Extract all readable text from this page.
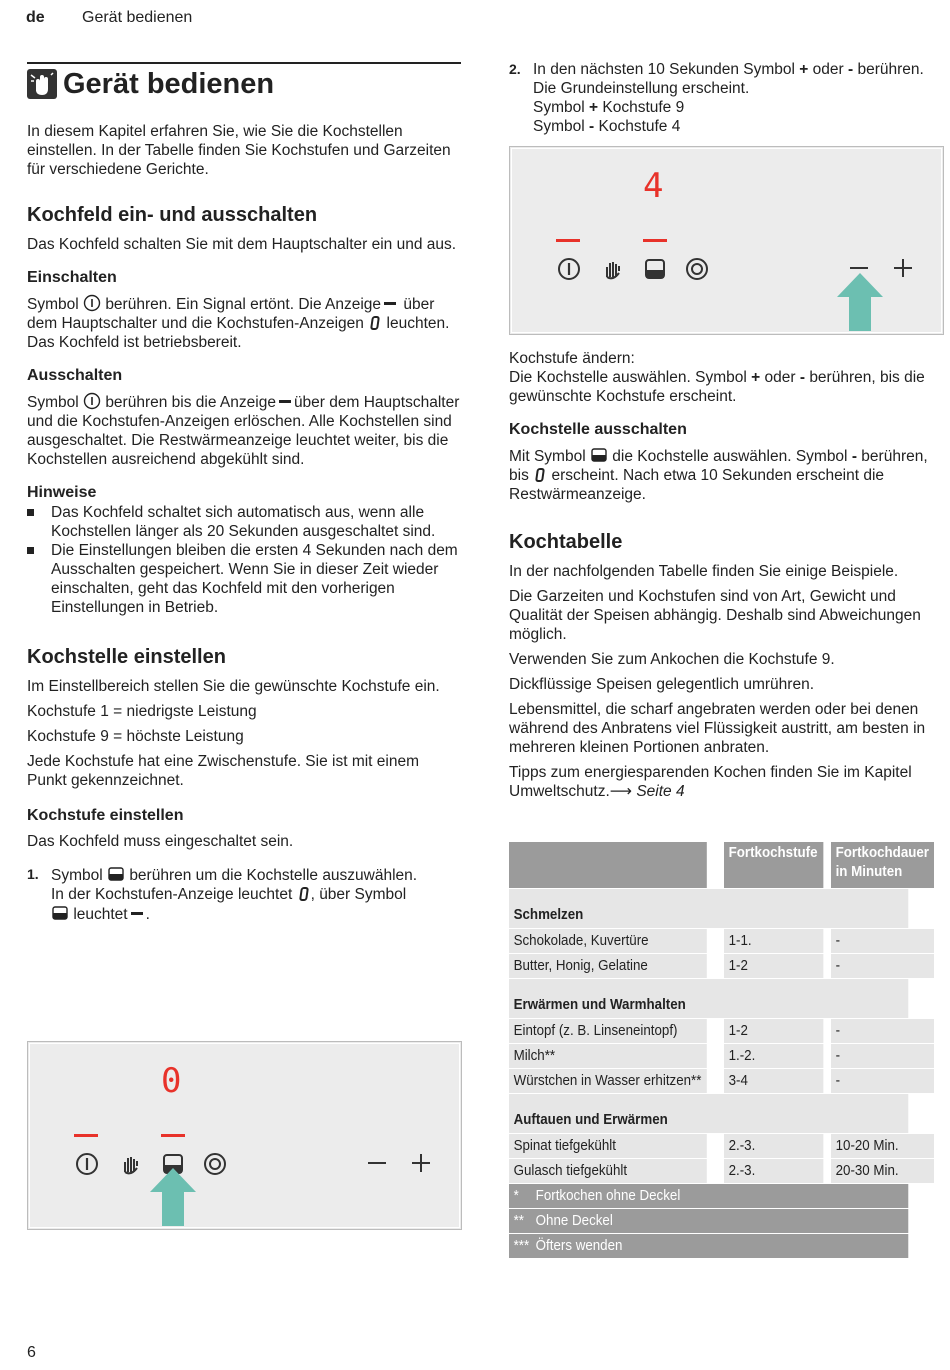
de Gerät bedienen
Gerät bedienen

In diesem Kapitel erfahren Sie, wie Sie die Kochstellen einstellen. In der Tabelle finden Sie Kochstufen und Garzeiten für verschiedene Gerichte.

Kochfeld ein- und ausschalten

Das Kochfeld schalten Sie mit dem Hauptschalter ein und aus.

Einschalten

Symbol berühren. Ein Signal ertönt. Die Anzeige über dem Hauptschalter und die Kochstufen-Anzeigen leuchten. Das Kochfeld ist betriebsbereit.

Ausschalten

Symbol berühren bis die Anzeige über dem Hauptschalter und die Kochstufen-Anzeigen erlöschen. Alle Kochstellen sind ausgeschaltet. Die Restwärmeanzeige leuchtet weiter, bis die Kochstellen ausreichend abgekühlt sind.

Hinweise
Das Kochfeld schaltet sich automatisch aus, wenn alle Kochstellen länger als 20 Sekunden ausgeschaltet sind.
Die Einstellungen bleiben die ersten 4 Sekunden nach dem Ausschalten gespeichert. Wenn Sie in dieser Zeit wieder einschalten, geht das Kochfeld mit den vorherigen Einstellungen in Betrieb.
Kochstelle einstellen

Im Einstellbereich stellen Sie die gewünschte Kochstufe ein.

Kochstufe 1 = niedrigste Leistung

Kochstufe 9 = höchste Leistung

Jede Kochstufe hat eine Zwischenstufe. Sie ist mit einem Punkt gekennzeichnet.

Kochstufe einstellen

Das Kochfeld muss eingeschaltet sein.

1. Symbol berühren um die Kochstelle auszuwählen.
In der Kochstufen-Anzeige leuchtet , über Symbol
leuchtet .
0
2. In den nächsten 10 Sekunden Symbol + oder - berühren. Die Grundeinstellung erscheint.
Symbol + Kochstufe 9
Symbol - Kochstufe 4
4

Kochstufe ändern:
Die Kochstelle auswählen. Symbol + oder - berühren, bis die gewünschte Kochstufe erscheint.

Kochstelle ausschalten

Mit Symbol die Kochstelle auswählen. Symbol - berühren, bis erscheint. Nach etwa 10 Sekunden erscheint die Restwärmeanzeige.

Kochtabelle

In der nachfolgenden Tabelle finden Sie einige Beispiele.

Die Garzeiten und Kochstufen sind von Art, Gewicht und Qualität der Speisen abhängig. Deshalb sind Abweichungen möglich.

Verwenden Sie zum Ankochen die Kochstufe 9.

Dickflüssige Speisen gelegentlich umrühren.

Lebensmittel, die scharf angebraten werden oder bei denen während des Anbratens viel Flüssigkeit austritt, am besten in mehreren kleinen Portionen anbraten.

Tipps zum energiesparenden Kochen finden Sie im Kapitel Umweltschutz.⟶ Seite 4

	Fortkochstufe	Fortkochdauer in Minuten
Schmelzen		
Schokolade, Kuvertüre	1-1.	-
Butter, Honig, Gelatine	1-2	-
Erwärmen und Warmhalten		
Eintopf (z. B. Linseneintopf)	1-2	-
Milch**	1.-2.	-
Würstchen in Wasser erhitzen**	3-4	-
Auftauen und Erwärmen		
Spinat tiefgekühlt	2.-3.	10-20 Min.
Gulasch tiefgekühlt	2.-3.	20-30 Min.
* Fortkochen ohne Deckel		
** Ohne Deckel		
*** Öfters wenden		
6
